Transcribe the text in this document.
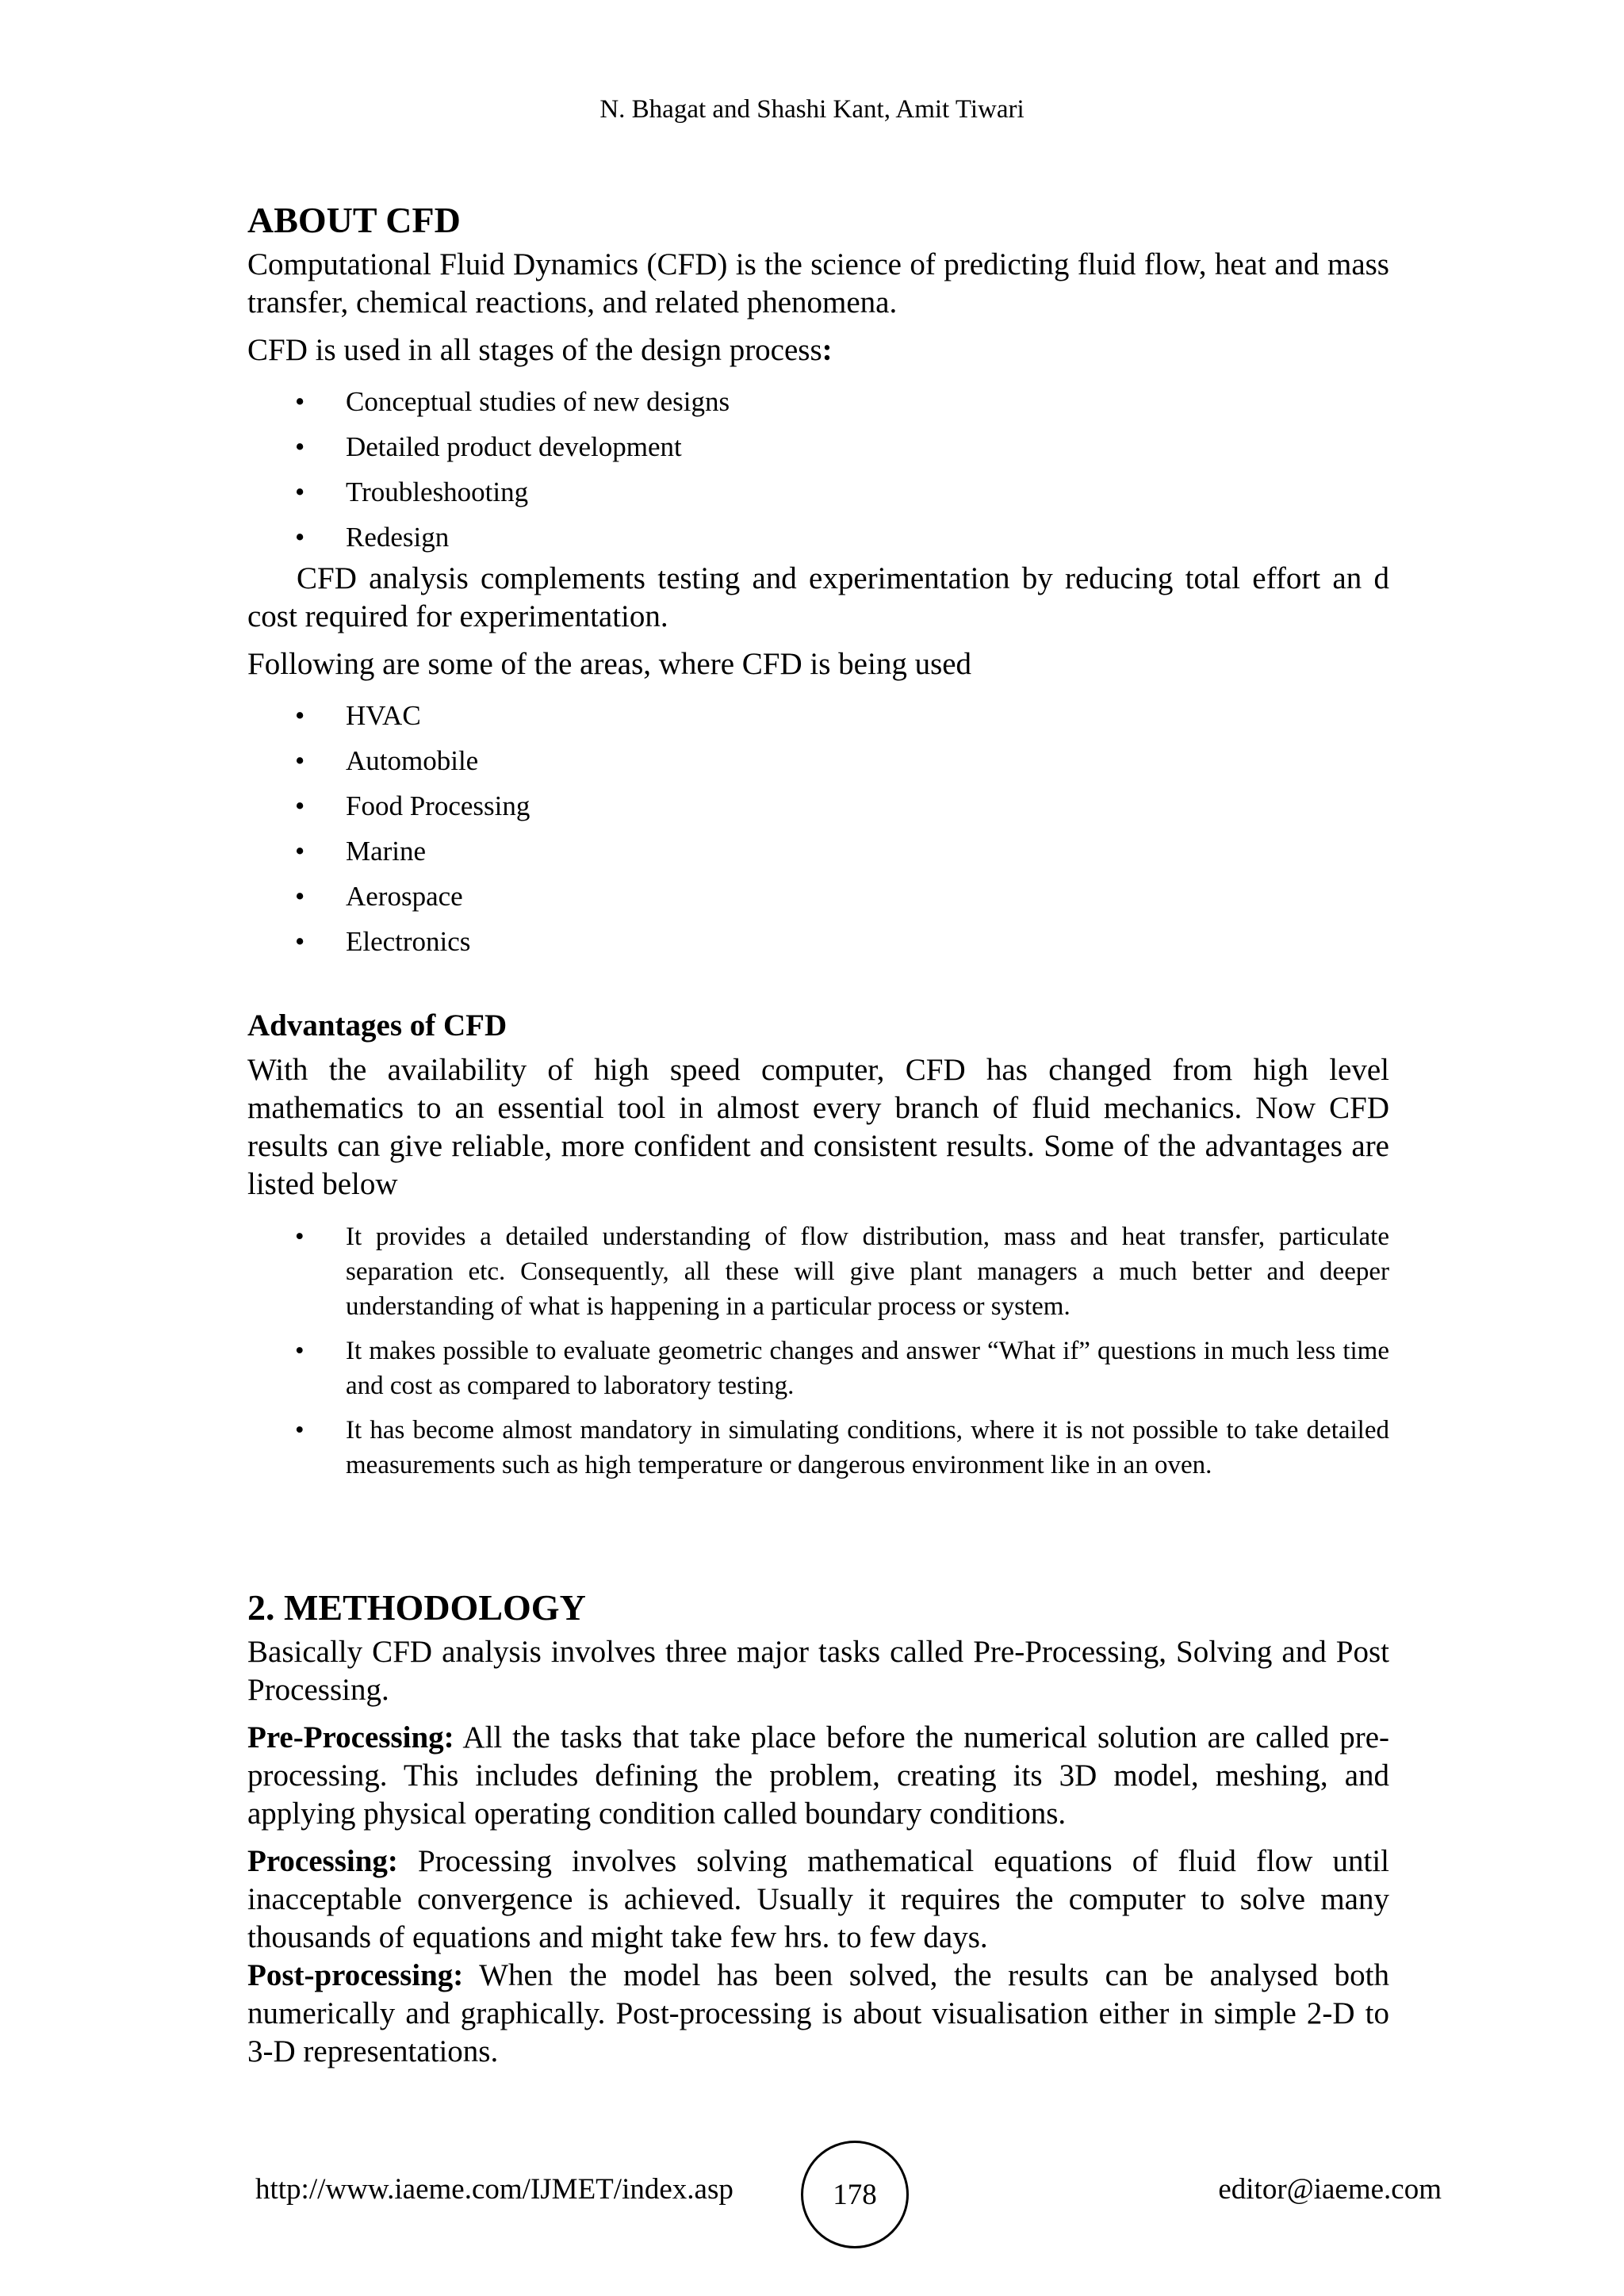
N. Bhagat and Shashi Kant, Amit Tiwari
ABOUT CFD

Computational Fluid Dynamics (CFD) is the science of predicting fluid flow, heat and mass transfer, chemical reactions, and related phenomena.

CFD is used in all stages of the design process:

• Conceptual studies of new designs
• Detailed product development
• Troubleshooting
• Redesign

CFD analysis complements testing and experimentation by reducing total effort an d cost required for experimentation.

Following are some of the areas, where CFD is being used

• HVAC
• Automobile
• Food Processing
• Marine
• Aerospace
• Electronics
Advantages of CFD

With the availability of high speed computer, CFD has changed from high level mathematics to an essential tool in almost every branch of fluid mechanics. Now CFD results can give reliable, more confident and consistent results. Some of the advantages are listed below

• It provides a detailed understanding of flow distribution, mass and heat transfer, particulate separation etc. Consequently, all these will give plant managers a much better and deeper understanding of what is happening in a particular process or system.
• It makes possible to evaluate geometric changes and answer “What if” questions in much less time and cost as compared to laboratory testing.
• It has become almost mandatory in simulating conditions, where it is not possible to take detailed measurements such as high temperature or dangerous environment like in an oven.
2. METHODOLOGY

Basically CFD analysis involves three major tasks called Pre-Processing, Solving and Post Processing.

Pre-Processing: All the tasks that take place before the numerical solution are called pre-processing. This includes defining the problem, creating its 3D model, meshing, and applying physical operating condition called boundary conditions.

Processing: Processing involves solving mathematical equations of fluid flow until inacceptable convergence is achieved. Usually it requires the computer to solve many thousands of equations and might take few hrs. to few days.

Post-processing: When the model has been solved, the results can be analysed both numerically and graphically. Post-processing is about visualisation either in simple 2-D to 3-D representations.

http://www.iaeme.com/IJMET/index.asp	178	editor@iaeme.com
